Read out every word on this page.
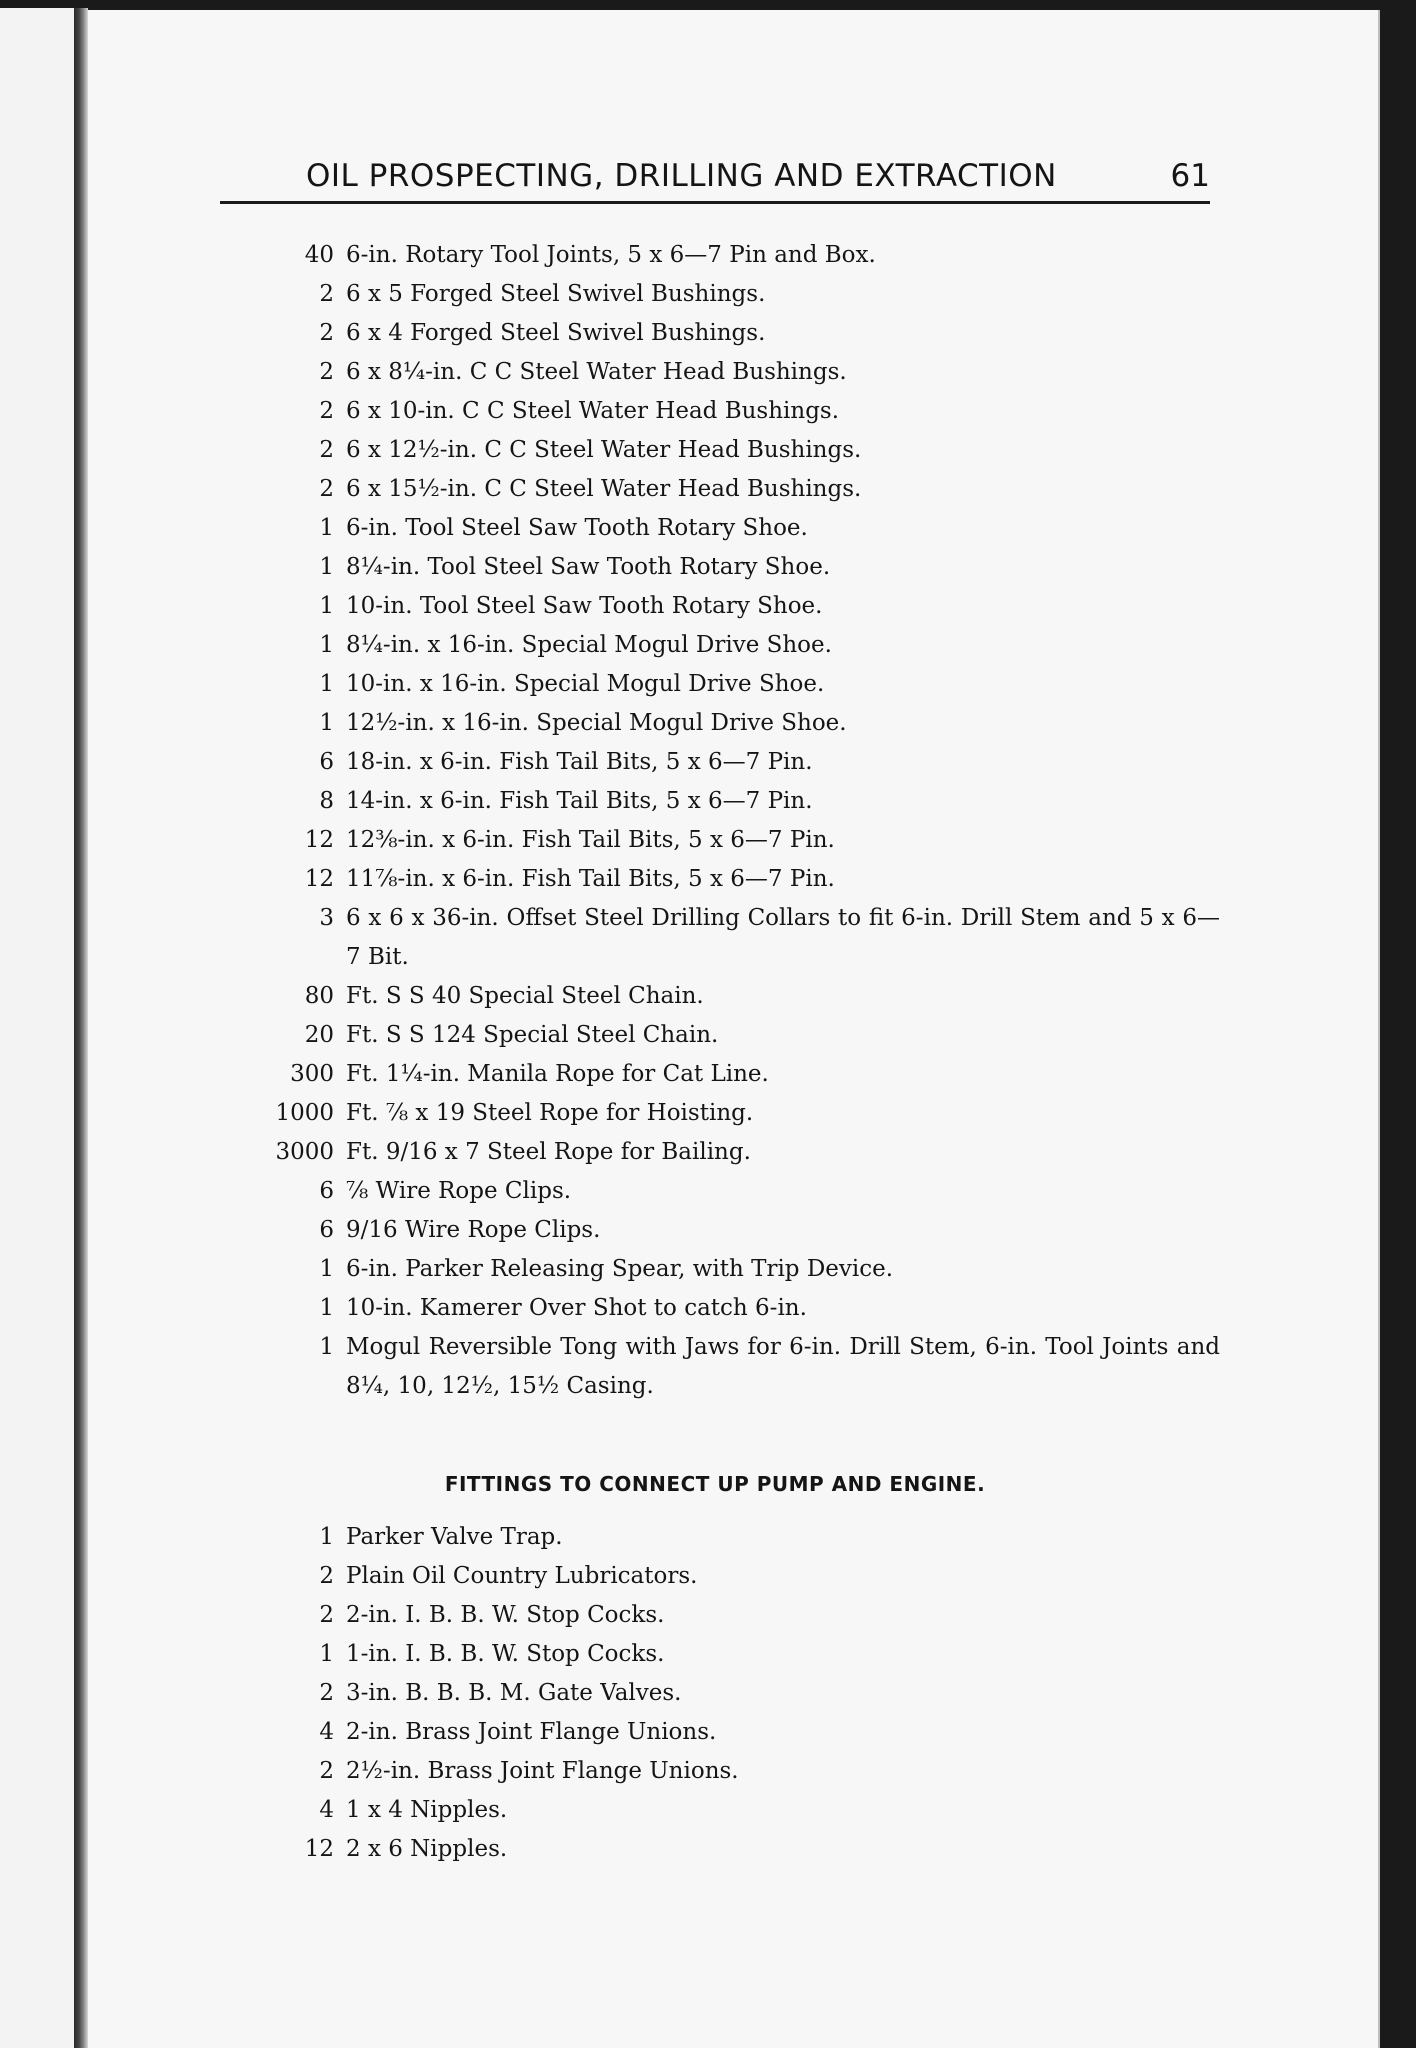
OIL PROSPECTING, DRILLING AND EXTRACTION	61
40 6-in. Rotary Tool Joints, 5 x 6—7 Pin and Box.
2 6 x 5 Forged Steel Swivel Bushings.
2 6 x 4 Forged Steel Swivel Bushings.
2 6 x 8¼-in. C C Steel Water Head Bushings.
2 6 x 10-in. C C Steel Water Head Bushings.
2 6 x 12½-in. C C Steel Water Head Bushings.
2 6 x 15½-in. C C Steel Water Head Bushings.
1 6-in. Tool Steel Saw Tooth Rotary Shoe.
1 8¼-in. Tool Steel Saw Tooth Rotary Shoe.
1 10-in. Tool Steel Saw Tooth Rotary Shoe.
1 8¼-in. x 16-in. Special Mogul Drive Shoe.
1 10-in. x 16-in. Special Mogul Drive Shoe.
1 12½-in. x 16-in. Special Mogul Drive Shoe.
6 18-in. x 6-in. Fish Tail Bits, 5 x 6—7 Pin.
8 14-in. x 6-in. Fish Tail Bits, 5 x 6—7 Pin.
12 12⅜-in. x 6-in. Fish Tail Bits, 5 x 6—7 Pin.
12 11⅞-in. x 6-in. Fish Tail Bits, 5 x 6—7 Pin.
3 6 x 6 x 36-in. Offset Steel Drilling Collars to fit 6-in. Drill Stem and 5 x 6—7 Bit.
80 Ft. S S 40 Special Steel Chain.
20 Ft. S S 124 Special Steel Chain.
300 Ft. 1¼-in. Manila Rope for Cat Line.
1000 Ft. ⅞ x 19 Steel Rope for Hoisting.
3000 Ft. 9/16 x 7 Steel Rope for Bailing.
6 ⅞ Wire Rope Clips.
6 9/16 Wire Rope Clips.
1 6-in. Parker Releasing Spear, with Trip Device.
1 10-in. Kamerer Over Shot to catch 6-in.
1 Mogul Reversible Tong with Jaws for 6-in. Drill Stem, 6-in. Tool Joints and 8¼, 10, 12½, 15½ Casing.
FITTINGS TO CONNECT UP PUMP AND ENGINE.
1 Parker Valve Trap.
2 Plain Oil Country Lubricators.
2 2-in. I. B. B. W. Stop Cocks.
1 1-in. I. B. B. W. Stop Cocks.
2 3-in. B. B. B. M. Gate Valves.
4 2-in. Brass Joint Flange Unions.
2 2½-in. Brass Joint Flange Unions.
4 1 x 4 Nipples.
12 2 x 6 Nipples.
